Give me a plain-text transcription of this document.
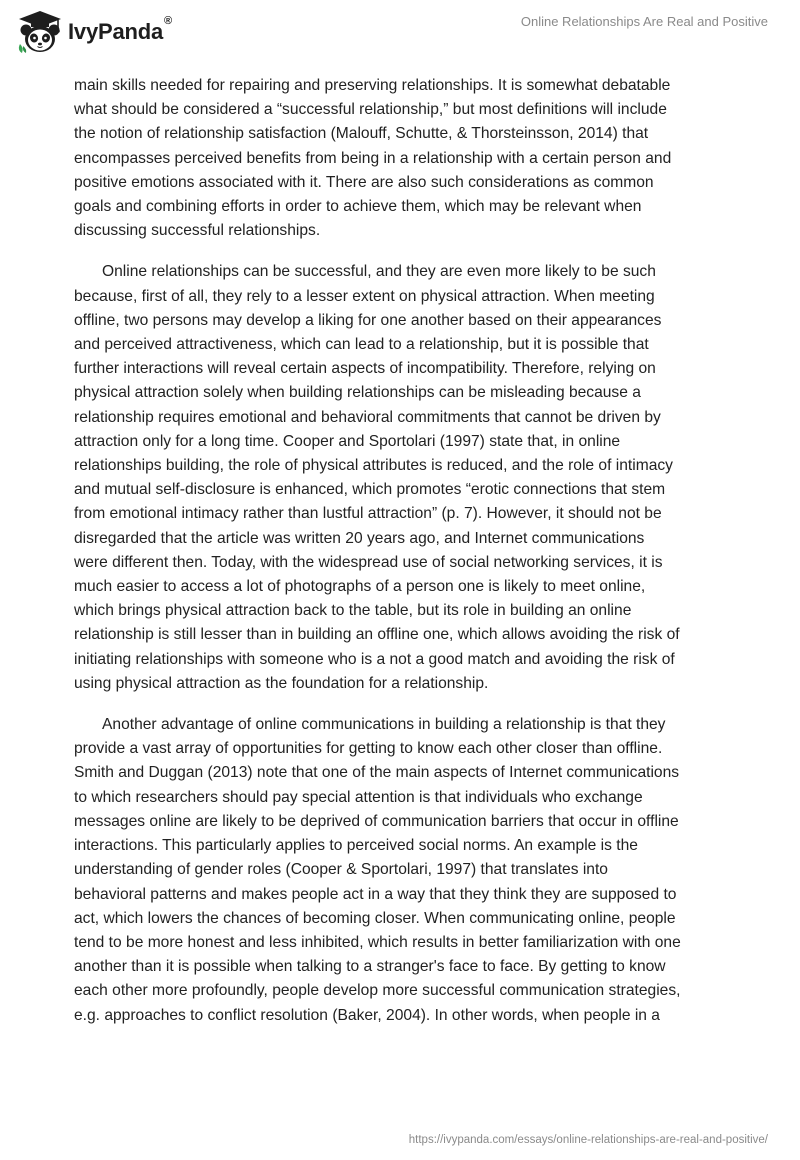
IvyPanda®	Online Relationships Are Real and Positive

main skills needed for repairing and preserving relationships. It is somewhat debatable
what should be considered a “successful relationship,” but most definitions will include
the notion of relationship satisfaction (Malouff, Schutte, & Thorsteinsson, 2014) that
encompasses perceived benefits from being in a relationship with a certain person and
positive emotions associated with it. There are also such considerations as common
goals and combining efforts in order to achieve them, which may be relevant when
discussing successful relationships.

Online relationships can be successful, and they are even more likely to be such
because, first of all, they rely to a lesser extent on physical attraction. When meeting
offline, two persons may develop a liking for one another based on their appearances
and perceived attractiveness, which can lead to a relationship, but it is possible that
further interactions will reveal certain aspects of incompatibility. Therefore, relying on
physical attraction solely when building relationships can be misleading because a
relationship requires emotional and behavioral commitments that cannot be driven by
attraction only for a long time. Cooper and Sportolari (1997) state that, in online
relationships building, the role of physical attributes is reduced, and the role of intimacy
and mutual self-disclosure is enhanced, which promotes “erotic connections that stem
from emotional intimacy rather than lustful attraction” (p. 7). However, it should not be
disregarded that the article was written 20 years ago, and Internet communications
were different then. Today, with the widespread use of social networking services, it is
much easier to access a lot of photographs of a person one is likely to meet online,
which brings physical attraction back to the table, but its role in building an online
relationship is still lesser than in building an offline one, which allows avoiding the risk of
initiating relationships with someone who is a not a good match and avoiding the risk of
using physical attraction as the foundation for a relationship.

Another advantage of online communications in building a relationship is that they
provide a vast array of opportunities for getting to know each other closer than offline.
Smith and Duggan (2013) note that one of the main aspects of Internet communications
to which researchers should pay special attention is that individuals who exchange
messages online are likely to be deprived of communication barriers that occur in offline
interactions. This particularly applies to perceived social norms. An example is the
understanding of gender roles (Cooper & Sportolari, 1997) that translates into
behavioral patterns and makes people act in a way that they think they are supposed to
act, which lowers the chances of becoming closer. When communicating online, people
tend to be more honest and less inhibited, which results in better familiarization with one
another than it is possible when talking to a stranger's face to face. By getting to know
each other more profoundly, people develop more successful communication strategies,
e.g. approaches to conflict resolution (Baker, 2004). In other words, when people in a

https://ivypanda.com/essays/online-relationships-are-real-and-positive/
